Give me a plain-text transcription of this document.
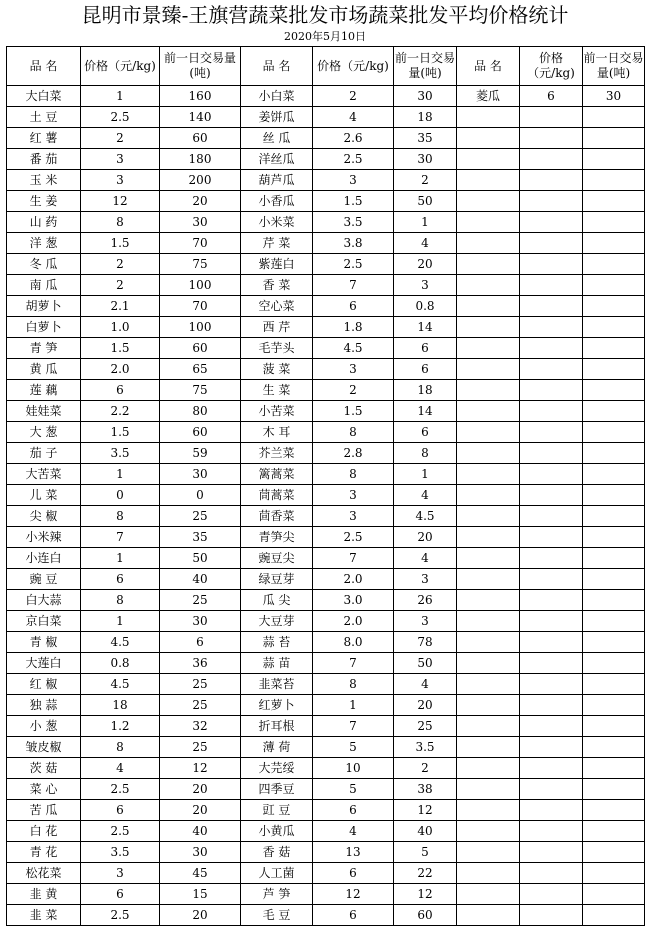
昆明市景臻-王旗营蔬菜批发市场蔬菜批发平均价格统计
2020年5月10日
品 名	价格（元/kg)	前一日交易量(吨)	品 名	价格（元/kg)	前一日交易量(吨)	品 名	价格（元/kg)	前一日交易量(吨)
大白菜	1	160	小白菜	2	30	菱瓜	6	30
土 豆	2.5	140	姜饼瓜	4	18			
红 薯	2	60	丝 瓜	2.6	35			
番 茄	3	180	洋丝瓜	2.5	30			
玉 米	3	200	葫芦瓜	3	2			
生 姜	12	20	小香瓜	1.5	50			
山 药	8	30	小米菜	3.5	1			
洋 葱	1.5	70	芹 菜	3.8	4			
冬 瓜	2	75	紫莲白	2.5	20			
南 瓜	2	100	香 菜	7	3			
胡萝卜	2.1	70	空心菜	6	0.8			
白萝卜	1.0	100	西 芹	1.8	14			
青 笋	1.5	60	毛芋头	4.5	6			
黄 瓜	2.0	65	菠 菜	3	6			
莲 藕	6	75	生 菜	2	18			
娃娃菜	2.2	80	小苦菜	1.5	14			
大 葱	1.5	60	木 耳	8	6			
茄 子	3.5	59	芥兰菜	2.8	8			
大苦菜	1	30	篱蒿菜	8	1			
儿 菜	0	0	茼蒿菜	3	4			
尖 椒	8	25	茴香菜	3	4.5			
小米辣	7	35	青笋尖	2.5	20			
小连白	1	50	豌豆尖	7	4			
豌 豆	6	40	绿豆芽	2.0	3			
白大蒜	8	25	瓜 尖	3.0	26			
京白菜	1	30	大豆芽	2.0	3			
青 椒	4.5	6	蒜 苔	8.0	78			
大莲白	0.8	36	蒜 苗	7	50			
红 椒	4.5	25	韭菜苔	8	4			
独 蒜	18	25	红萝卜	1	20			
小 葱	1.2	32	折耳根	7	25			
皱皮椒	8	25	薄 荷	5	3.5			
茨 菇	4	12	大芫绥	10	2			
菜 心	2.5	20	四季豆	5	38			
苦 瓜	6	20	豇 豆	6	12			
白 花	2.5	40	小黄瓜	4	40			
青 花	3.5	30	香 菇	13	5			
松花菜	3	45	人工菌	6	22			
韭 黄	6	15	芦 笋	12	12			
韭 菜	2.5	20	毛 豆	6	60			
